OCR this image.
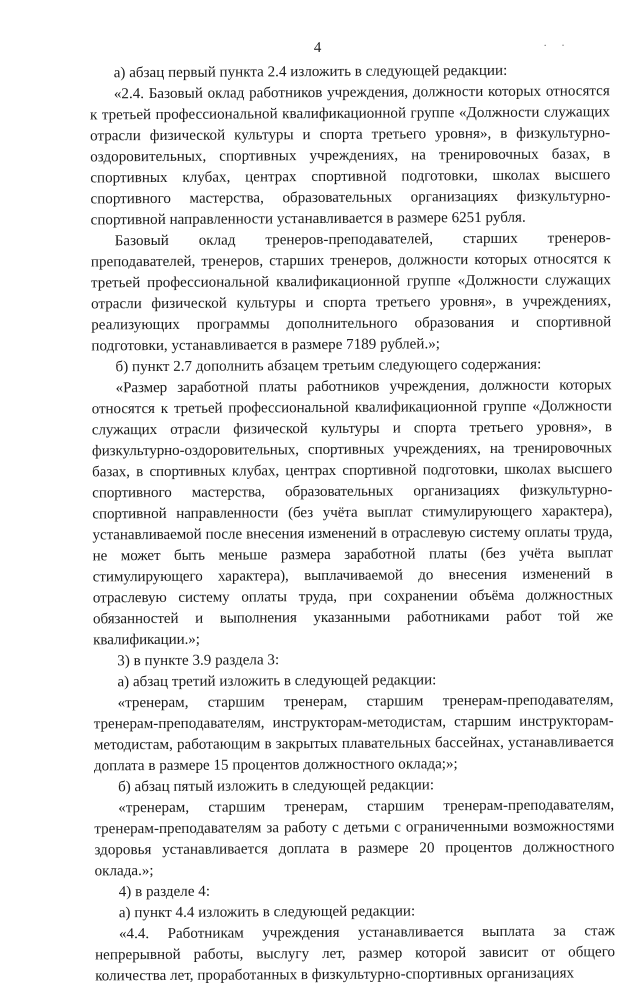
4	· ·

а) абзац первый пункта 2.4 изложить в следующей редакции:

«2.4. Базовый оклад работников учреждения, должности которых относятся к третьей профессиональной квалификационной группе «Должности служащих отрасли физической культуры и спорта третьего уровня», в физкультурно-оздоровительных, спортивных учреждениях, на тренировочных базах, в спортивных клубах, центрах спортивной подготовки, школах высшего спортивного мастерства, образовательных организациях физкультурно-спортивной направленности устанавливается в размере 6251 рубля.

Базовый оклад тренеров-преподавателей, старших тренеров-преподавателей, тренеров, старших тренеров, должности которых относятся к третьей профессиональной квалификационной группе «Должности служащих отрасли физической культуры и спорта третьего уровня», в учреждениях, реализующих программы дополнительного образования и спортивной подготовки, устанавливается в размере 7189 рублей.»;

б) пункт 2.7 дополнить абзацем третьим следующего содержания:

«Размер заработной платы работников учреждения, должности которых относятся к третьей профессиональной квалификационной группе «Должности служащих отрасли физической культуры и спорта третьего уровня», в физкультурно-оздоровительных, спортивных учреждениях, на тренировочных базах, в спортивных клубах, центрах спортивной подготовки, школах высшего спортивного мастерства, образовательных организациях физкультурно-спортивной направленности (без учёта выплат стимулирующего характера), устанавливаемой после внесения изменений в отраслевую систему оплаты труда, не может быть меньше размера заработной платы (без учёта выплат стимулирующего характера), выплачиваемой до внесения изменений в отраслевую систему оплаты труда, при сохранении объёма должностных обязанностей и выполнения указанными работниками работ той же квалификации.»;

3) в пункте 3.9 раздела 3:

а) абзац третий изложить в следующей редакции:

«тренерам, старшим тренерам, старшим тренерам-преподавателям, тренерам-преподавателям, инструкторам-методистам, старшим инструкторам-методистам, работающим в закрытых плавательных бассейнах, устанавливается доплата в размере 15 процентов должностного оклада;»;

б) абзац пятый изложить в следующей редакции:

«тренерам, старшим тренерам, старшим тренерам-преподавателям, тренерам-преподавателям за работу с детьми с ограниченными возможностями здоровья устанавливается доплата в размере 20 процентов должностного оклада.»;

4) в разделе 4:

а) пункт 4.4 изложить в следующей редакции:

«4.4. Работникам учреждения устанавливается выплата за стаж непрерывной работы, выслугу лет, размер которой зависит от общего количества лет, проработанных в физкультурно-спортивных организациях
